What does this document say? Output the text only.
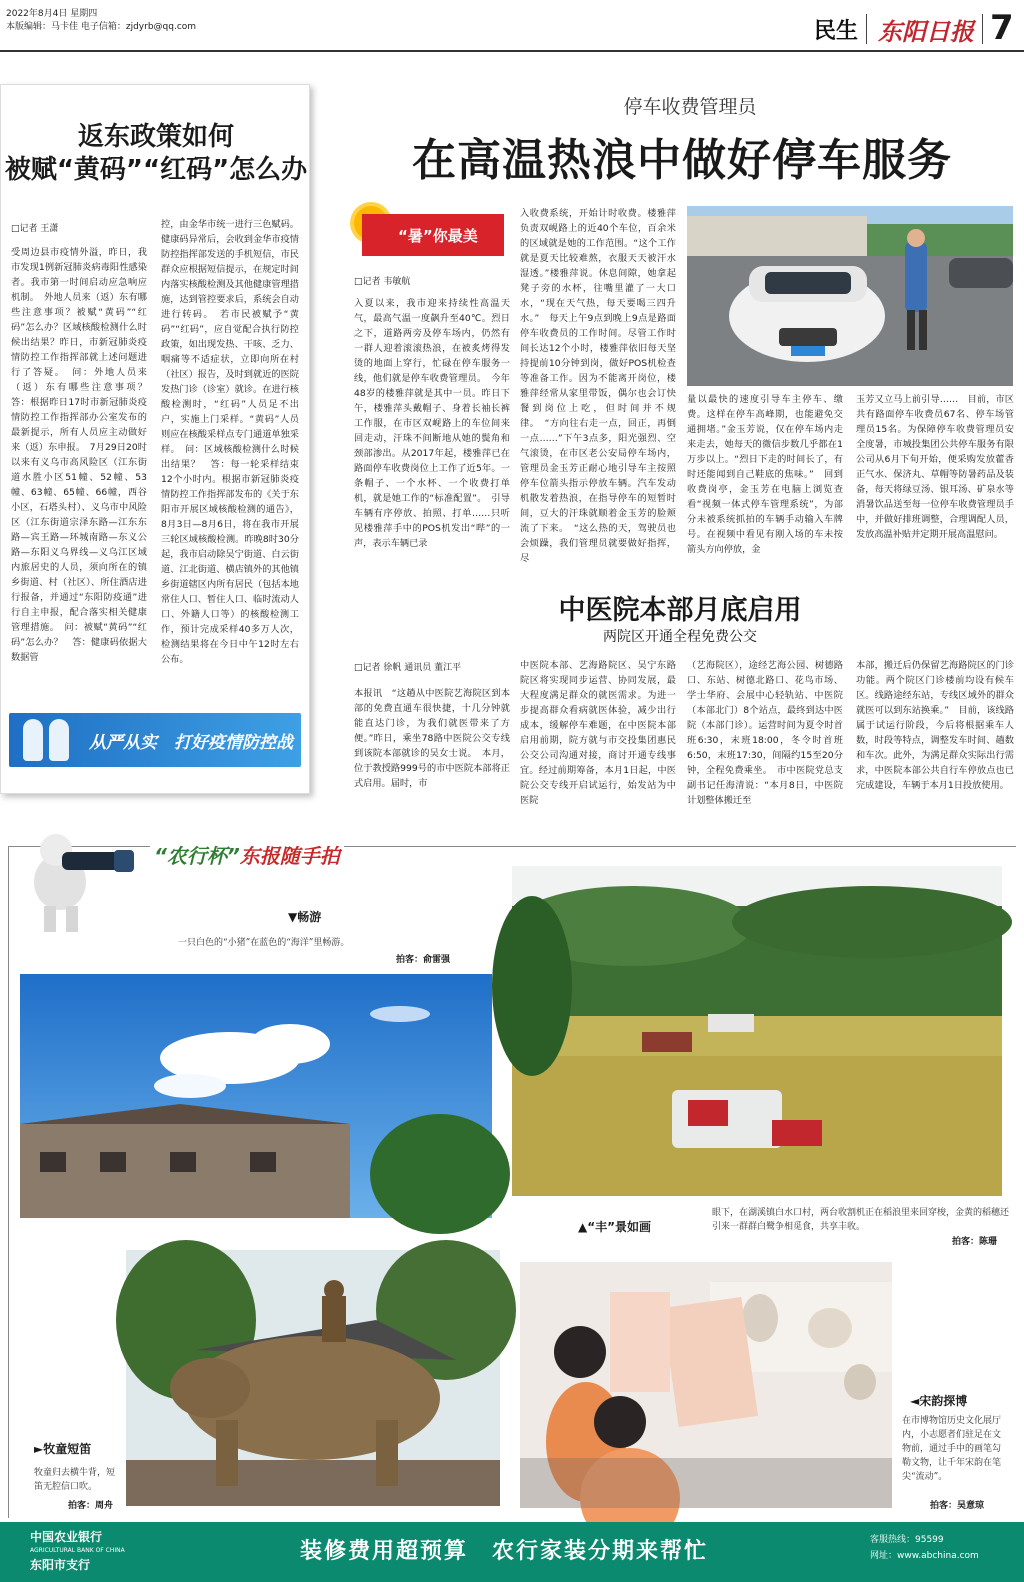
2022年8月4日 星期四
本版编辑：马卡佳 电子信箱：zjdyrb@qq.com	民生 东阳日报 7
返东政策如何
被赋“黄码”“红码”怎么办
□记者 王潇
受周边县市疫情外溢，昨日，我市发现1例新冠肺炎病毒阳性感染者。我市第一时间启动应急响应机制。　外地人员来（返）东有哪些注意事项？被赋“黄码”“红码”怎么办？区域核酸检测什么时候出结果？昨日，市新冠肺炎疫情防控工作指挥部就上述问题进行了答疑。　问：外地人员来（返）东有哪些注意事项？　答：根据昨日17时市新冠肺炎疫情防控工作指挥部办公室发布的最新提示，所有人员应主动做好来（返）东申报。　7月29日20时以来有义乌市高风险区（江东街道水胜小区51幢、52幢、53幢、63幢、65幢、66幢，西谷小区，石塔头村）、义乌市中风险区（江东街道宗泽东路—江东东路—宾王路—环城南路—东义公路—东阳义乌界线—义乌江区域内旅居史的人员，须向所在的镇乡街道、村（社区）、所住酒店进行报备，并通过“东阳防疫通”进行自主申报，配合落实相关健康管理措施。　问：被赋“黄码”“红码”怎么办？　答：健康码依据大数据管
控，由金华市统一进行三色赋码。健康码异常后，会收到金华市疫情防控指挥部发送的手机短信，市民群众应根据短信提示，在规定时间内落实核酸检测及其他健康管理措施，达到管控要求后，系统会自动进行转码。　若市民被赋予“黄码”“红码”，应自觉配合执行防控政策，如出现发热、干咳、乏力、咽痛等不适症状，立即向所在村（社区）报告，及时到就近的医院发热门诊（诊室）就诊。在进行核酸检测时，“红码”人员足不出户，实施上门采样。“黄码”人员则应在核酸采样点专门通道单独采样。　问：区域核酸检测什么时候出结果？　答：每一轮采样结束12个小时内。根据市新冠肺炎疫情防控工作指挥部发布的《关于东阳市开展区域核酸检测的通告》，8月3日—8月6日，将在我市开展三轮区域核酸检测。昨晚8时30分起，我市启动除吴宁街道、白云街道、江北街道、横店镇外的其他镇乡街道辖区内所有居民（包括本地常住人口、暂住人口、临时流动人口、外籍人口等）的核酸检测工作，预计完成采样40多万人次，检测结果将在今日中午12时左右公布。
从严从实　打好疫情防控战
停车收费管理员
在高温热浪中做好停车服务
“暑”你最美
□记者 韦敏航
入夏以来，我市迎来持续性高温天气，最高气温一度飙升至40℃。烈日之下，道路两旁及停车场内，仍然有一群人迎着滚滚热浪，在被炙烤得发烫的地面上穿行，忙碌在停车服务一线，他们就是停车收费管理员。　今年48岁的楼雅萍就是其中一员。昨日下午，楼雅萍头戴帽子、身着长袖长裤工作服，在市区双岘路上的车位间来回走动，汗珠不间断地从她的鬓角和颈部渗出。从2017年起，楼雅萍已在路面停车收费岗位上工作了近5年。一条帽子、一个水杯、一个收费打单机，就是她工作的“标准配置”。　引导车辆有序停放、拍照、打单……只听见楼雅萍手中的POS机发出“哔”的一声，表示车辆已录
入收费系统，开始计时收费。楼雅萍负责双岘路上的近40个车位，百余米的区域就是她的工作范围。“这个工作就是夏天比较难熬，衣服天天被汗水湿透。”楼雅萍说。休息间隙，她拿起凳子旁的水杯，往嘴里灌了一大口水，“现在天气热，每天要喝三四升水。”　每天上午9点到晚上9点是路面停车收费员的工作时间。尽管工作时间长达12个小时，楼雅萍依旧每天坚持提前10分钟到岗，做好POS机检查等准备工作。因为不能离开岗位，楼雅萍经常从家里带饭，偶尔也会订快餐到岗位上吃，但时间并不规律。　“方向往右走一点，回正，再倒一点……”下午3点多，阳光强烈、空气滚烫，在市区老公安局停车场内，管理员金玉芳正耐心地引导车主按照停车位箭头指示停放车辆。汽车发动机散发着热浪，在指导停车的短暂时间，豆大的汗珠就顺着金玉芳的脸颊流了下来。　“这么热的天，驾驶员也会烦躁，我们管理员就要做好指挥，尽
量以最快的速度引导车主停车、缴费。这样在停车高峰期，也能避免交通拥堵。”金玉芳说，仅在停车场内走来走去，她每天的微信步数几乎都在1万步以上。“烈日下走的时间长了，有时还能闻到自己鞋底的焦味。”　回到收费岗亭，金玉芳在电脑上浏览查看“视频一体式停车管理系统”，为部分未被系统抓拍的车辆手动输入车牌号。在视频中看见有刚入场的车未按箭头方向停放，金
玉芳又立马上前引导……　目前，市区共有路面停车收费员67名、停车场管理员15名。为保障停车收费管理员安全度暑，市城投集团公共停车服务有限公司从6月下旬开始，便采购发放藿香正气水、保济丸、草帽等防暑药品及装备，每天将绿豆汤、银耳汤、矿泉水等消暑饮品送至每一位停车收费管理员手中，并做好排班调整，合理调配人员，发放高温补贴并定期开展高温慰问。
中医院本部月底启用
两院区开通全程免费公交
□记者 徐帆 通讯员 董江平
本报讯　“这趟从中医院艺海院区到本部的免费直通车很快捷，十几分钟就能直达门诊，为我们就医带来了方便。”昨日，乘坐78路中医院公交专线到该院本部就诊的吴女士说。　本月，位于教授路999号的市中医院本部将正式启用。届时，市
中医院本部、艺海路院区、吴宁东路院区将实现同步运营、协同发展，最大程度满足群众的就医需求。为进一步提高群众看病就医体验，减少出行成本，缓解停车难题，在中医院本部启用前期，院方就与市交投集团惠民公交公司沟通对接，商讨开通专线事宜。经过前期筹备，本月1日起，中医院公交专线开启试运行，始发站为中医院
（艺海院区），途经艺海公园、树德路口、东站、树德北路口、花鸟市场、学士华府、会展中心轻轨站、中医院（本部北门）8个站点，最终到达中医院（本部门诊）。运营时间为夏令时首班6:30，末班18:00，冬令时首班6:50，末班17:30，间隔约15至20分钟，全程免费乘坐。　市中医院党总支副书记任海清说：“本月8日，中医院计划整体搬迁至
本部，搬迁后仍保留艺海路院区的门诊功能。两个院区门诊楼前均设有候车区。线路途经东站，专线区域外的群众就医可以到东站换乘。”　目前，该线路属于试运行阶段，今后将根据乘车人数，时段等特点，调整发车时间、趟数和车次。此外，为满足群众实际出行需求，中医院本部公共自行车停放点也已完成建设，车辆于本月1日投放使用。
“农行杯”东报随手拍
▼畅游
一只白色的“小猪”在蓝色的“海洋”里畅游。
拍客：俞雷强
▲“丰”景如画
眼下，在湖溪镇白水口村，两台收割机正在稻浪里来回穿梭，金黄的稻穗还引来一群群白鹭争相觅食，共享丰收。
拍客：陈珊
►牧童短笛
牧童归去横牛背，短笛无腔信口吹。
拍客：周舟
◄宋韵探博
在市博物馆历史文化展厅内，小志愿者们驻足在文物前，通过手中的画笔勾勒文物，让千年宋韵在笔尖“流动”。
拍客：吴意琼
中国农业银行
AGRICULTURAL BANK OF CHINA
东阳市支行
装修费用超预算　农行家装分期来帮忙	客服热线：95599
网址：www.abchina.com
